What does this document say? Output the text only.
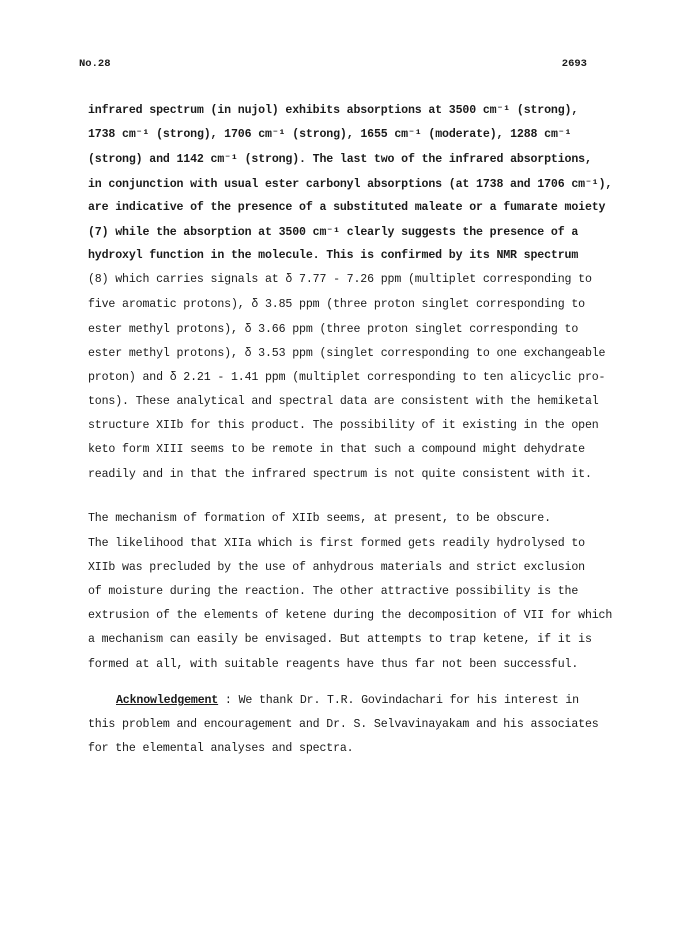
No.28	2693
infrared spectrum (in nujol) exhibits absorptions at 3500 cm⁻¹ (strong),
1738 cm⁻¹ (strong), 1706 cm⁻¹ (strong), 1655 cm⁻¹ (moderate), 1288 cm⁻¹
(strong) and 1142 cm⁻¹ (strong). The last two of the infrared absorptions,
in conjunction with usual ester carbonyl absorptions (at 1738 and 1706 cm⁻¹),
are indicative of the presence of a substituted maleate or a fumarate moiety
(7) while the absorption at 3500 cm⁻¹ clearly suggests the presence of a
hydroxyl function in the molecule. This is confirmed by its NMR spectrum
(8) which carries signals at δ 7.77 - 7.26 ppm (multiplet corresponding to
five aromatic protons), δ 3.85 ppm (three proton singlet corresponding to
ester methyl protons), δ 3.66 ppm (three proton singlet corresponding to
ester methyl protons), δ 3.53 ppm (singlet corresponding to one exchangeable
proton) and δ 2.21 - 1.41 ppm (multiplet corresponding to ten alicyclic pro-
tons). These analytical and spectral data are consistent with the hemiketal
structure XIIb for this product. The possibility of it existing in the open
keto form XIII seems to be remote in that such a compound might dehydrate
readily and in that the infrared spectrum is not quite consistent with it.
The mechanism of formation of XIIb seems, at present, to be obscure.
The likelihood that XIIa which is first formed gets readily hydrolysed to
XIIb was precluded by the use of anhydrous materials and strict exclusion
of moisture during the reaction. The other attractive possibility is the
extrusion of the elements of ketene during the decomposition of VII for which
a mechanism can easily be envisaged. But attempts to trap ketene, if it is
formed at all, with suitable reagents have thus far not been successful.
Acknowledgement : We thank Dr. T.R. Govindachari for his interest in
this problem and encouragement and Dr. S. Selvavinayakam and his associates
for the elemental analyses and spectra.
